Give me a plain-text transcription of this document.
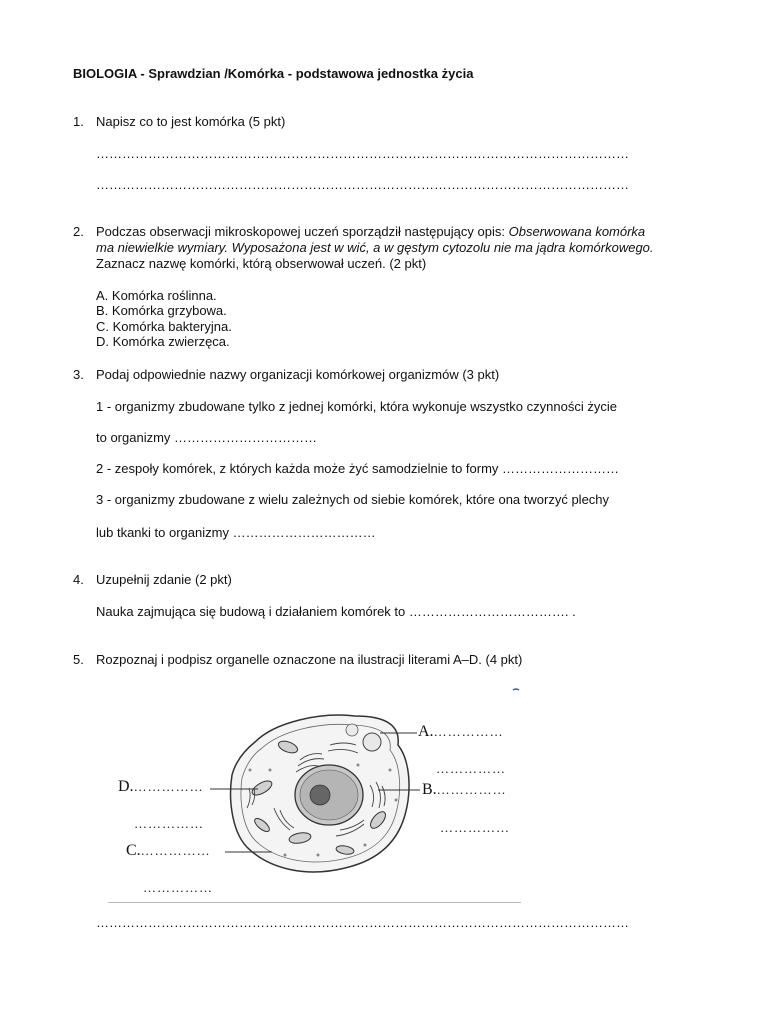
BIOLOGIA - Sprawdzian /Komórka - podstawowa jednostka życia
1. Napisz co to jest komórka (5 pkt)
……………………………………………………………………………………………………………
……………………………………………………………………………………………………………
2. Podczas obserwacji mikroskopowej uczeń sporządził następujący opis: Obserwowana komórka
ma niewielkie wymiary. Wyposażona jest w wić, a w gęstym cytozolu nie ma jądra komórkowego.
Zaznacz nazwę komórki, którą obserwował uczeń. (2 pkt)
A. Komórka roślinna.
B. Komórka grzybowa.
C. Komórka bakteryjna.
D. Komórka zwierzęca.
3. Podaj odpowiednie nazwy organizacji komórkowej organizmów (3 pkt)
1 - organizmy zbudowane tylko z jednej komórki, która wykonuje wszystko czynności życie
to organizmy ……………………………
2 - zespoły komórek, z których każda może żyć samodzielnie to formy ………………………
3 - organizmy zbudowane z wielu zależnych od siebie komórek, które ona tworzyć plechy
lub tkanki to organizmy ……………………………
4. Uzupełnij zdanie (2 pkt)
Nauka zajmująca się budową i działaniem komórek to ………………………………. .
5. Rozpoznaj i podpisz organelle oznaczone na ilustracji literami A–D. (4 pkt)
A.……………
……………
B.……………
……………
D.……………
……………
C.……………
……………
……………………………………………………………………………………………………………
